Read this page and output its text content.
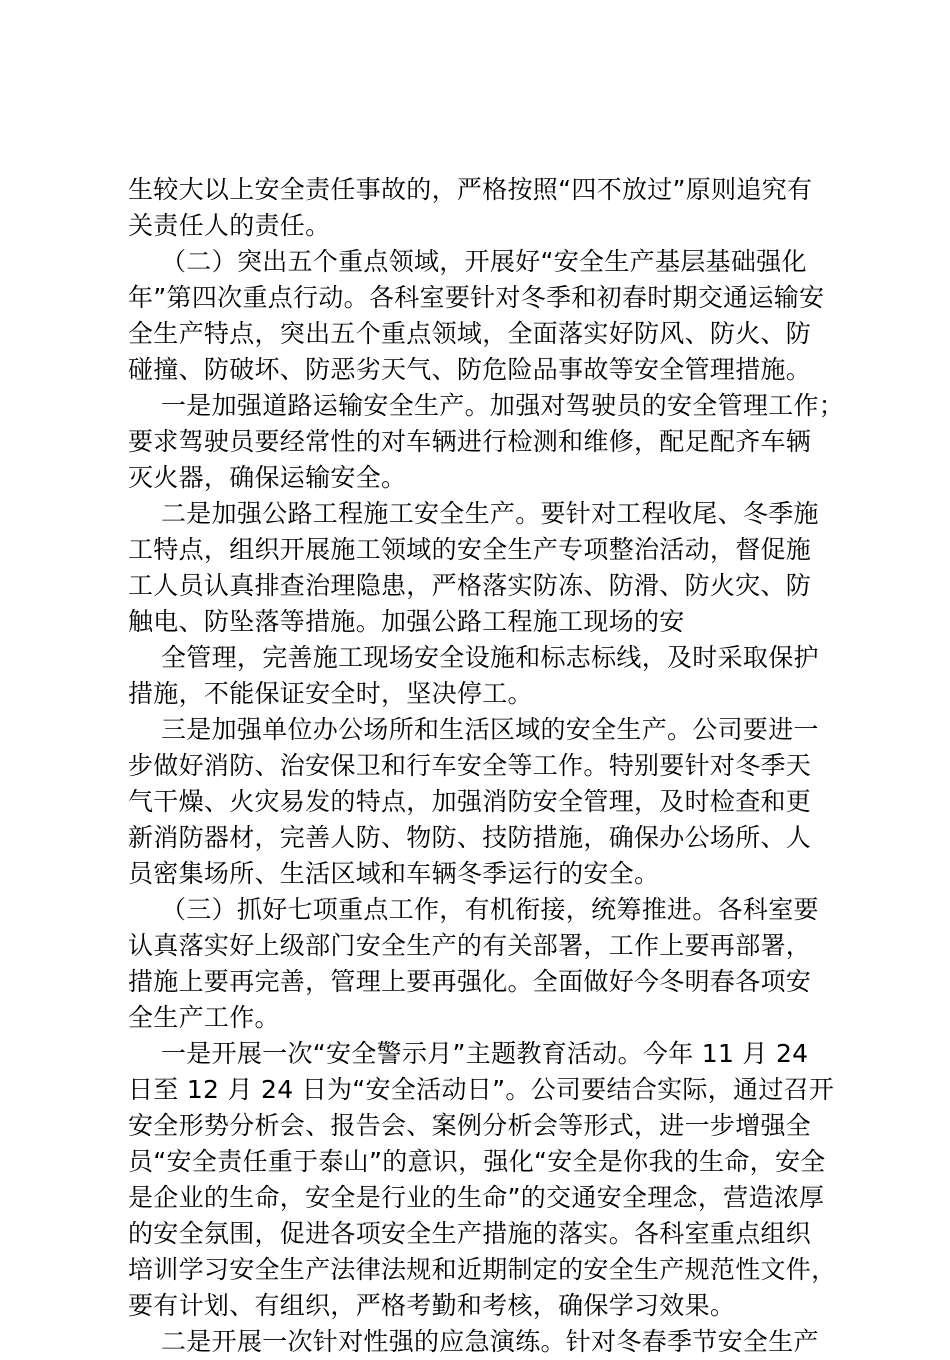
生较大以上安全责任事故的，严格按照“四不放过”原则追究有
关责任人的责任。
（二）突出五个重点领域，开展好“安全生产基层基础强化
年”第四次重点行动。各科室要针对冬季和初春时期交通运输安
全生产特点，突出五个重点领域，全面落实好防风、防火、防
碰撞、防破坏、防恶劣天气、防危险品事故等安全管理措施。
一是加强道路运输安全生产。加强对驾驶员的安全管理工作；
要求驾驶员要经常性的对车辆进行检测和维修，配足配齐车辆
灭火器，确保运输安全。
二是加强公路工程施工安全生产。要针对工程收尾、冬季施
工特点，组织开展施工领域的安全生产专项整治活动，督促施
工人员认真排查治理隐患，严格落实防冻、防滑、防火灾、防
触电、防坠落等措施。加强公路工程施工现场的安
全管理，完善施工现场安全设施和标志标线，及时采取保护
措施，不能保证安全时，坚决停工。
三是加强单位办公场所和生活区域的安全生产。公司要进一
步做好消防、治安保卫和行车安全等工作。特别要针对冬季天
气干燥、火灾易发的特点，加强消防安全管理，及时检查和更
新消防器材，完善人防、物防、技防措施，确保办公场所、人
员密集场所、生活区域和车辆冬季运行的安全。
（三）抓好七项重点工作，有机衔接，统筹推进。各科室要
认真落实好上级部门安全生产的有关部署，工作上要再部署，
措施上要再完善，管理上要再强化。全面做好今冬明春各项安
全生产工作。
一是开展一次“安全警示月”主题教育活动。今年 11 月 24
日至 12 月 24 日为“安全活动日”。公司要结合实际，通过召开
安全形势分析会、报告会、案例分析会等形式，进一步增强全
员“安全责任重于泰山”的意识，强化“安全是你我的生命，安全
是企业的生命，安全是行业的生命”的交通安全理念，营造浓厚
的安全氛围，促进各项安全生产措施的落实。各科室重点组织
培训学习安全生产法律法规和近期制定的安全生产规范性文件，
要有计划、有组织，严格考勤和考核，确保学习效果。
二是开展一次针对性强的应急演练。针对冬春季节安全生产
